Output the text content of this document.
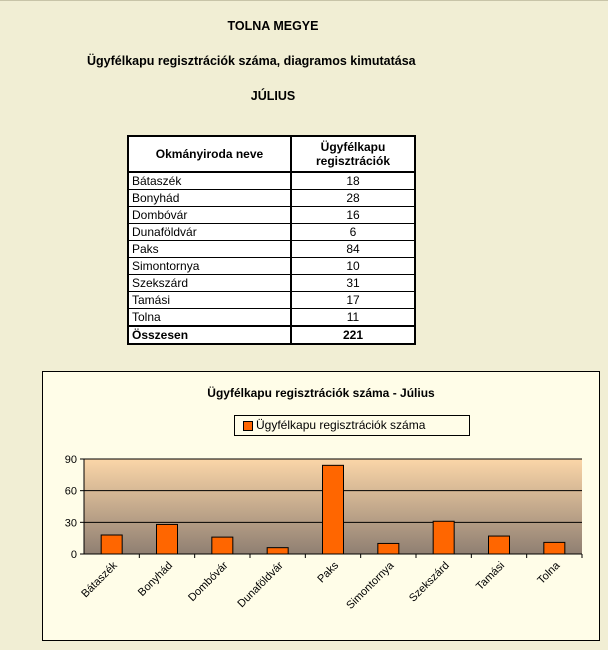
TOLNA MEGYE
Ügyfélkapu regisztrációk száma, diagramos kimutatása
JÚLIUS
Okmányiroda neve	Ügyfélkapu
regisztrációk
Bátaszék	18
Bonyhád	28
Dombóvár	16
Dunaföldvár	6
Paks	84
Simontornya	10
Szekszárd	31
Tamási	17
Tolna	11
Összesen	221
Ügyfélkapu regisztrációk száma - Július
Ügyfélkapu regisztrációk száma
0
30
60
90
Bátaszék Bonyhád Dombóvár Dunaföldvár	Paks Simontornya Szekszárd Tamási	Tolna
